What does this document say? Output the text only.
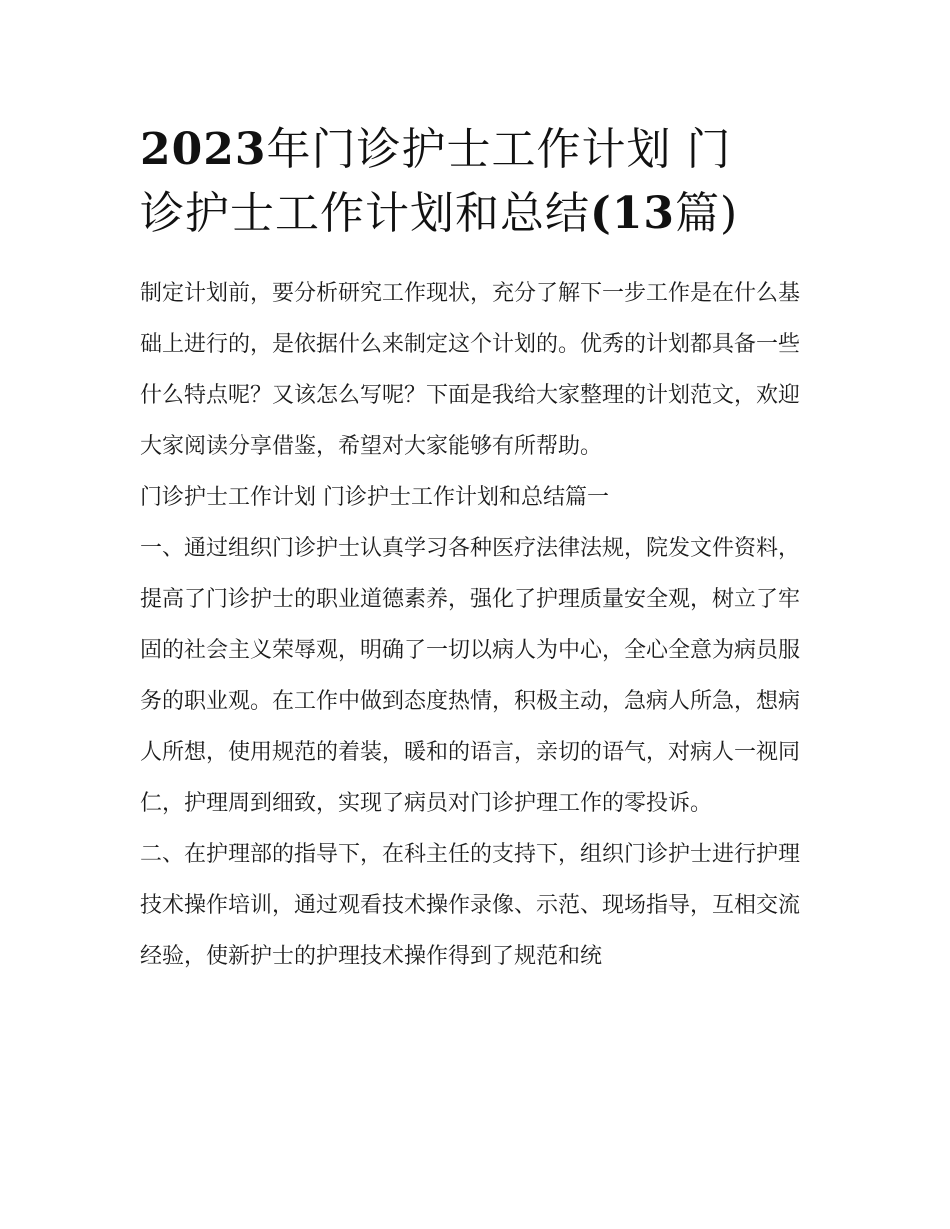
2023年门诊护士工作计划 门
诊护士工作计划和总结(13篇)

制定计划前，要分析研究工作现状，充分了解下一步工作是在什么基础上进行的，是依据什么来制定这个计划的。优秀的计划都具备一些什么特点呢？又该怎么写呢？下面是我给大家整理的计划范文，欢迎大家阅读分享借鉴，希望对大家能够有所帮助。

门诊护士工作计划 门诊护士工作计划和总结篇一

一、通过组织门诊护士认真学习各种医疗法律法规，院发文件资料，提高了门诊护士的职业道德素养，强化了护理质量安全观，树立了牢固的社会主义荣辱观，明确了一切以病人为中心，全心全意为病员服务的职业观。在工作中做到态度热情，积极主动，急病人所急，想病人所想，使用规范的着装，暖和的语言，亲切的语气，对病人一视同仁，护理周到细致，实现了病员对门诊护理工作的零投诉。

二、在护理部的指导下，在科主任的支持下，组织门诊护士进行护理技术操作培训，通过观看技术操作录像、示范、现场指导，互相交流经验，使新护士的护理技术操作得到了规范和统
